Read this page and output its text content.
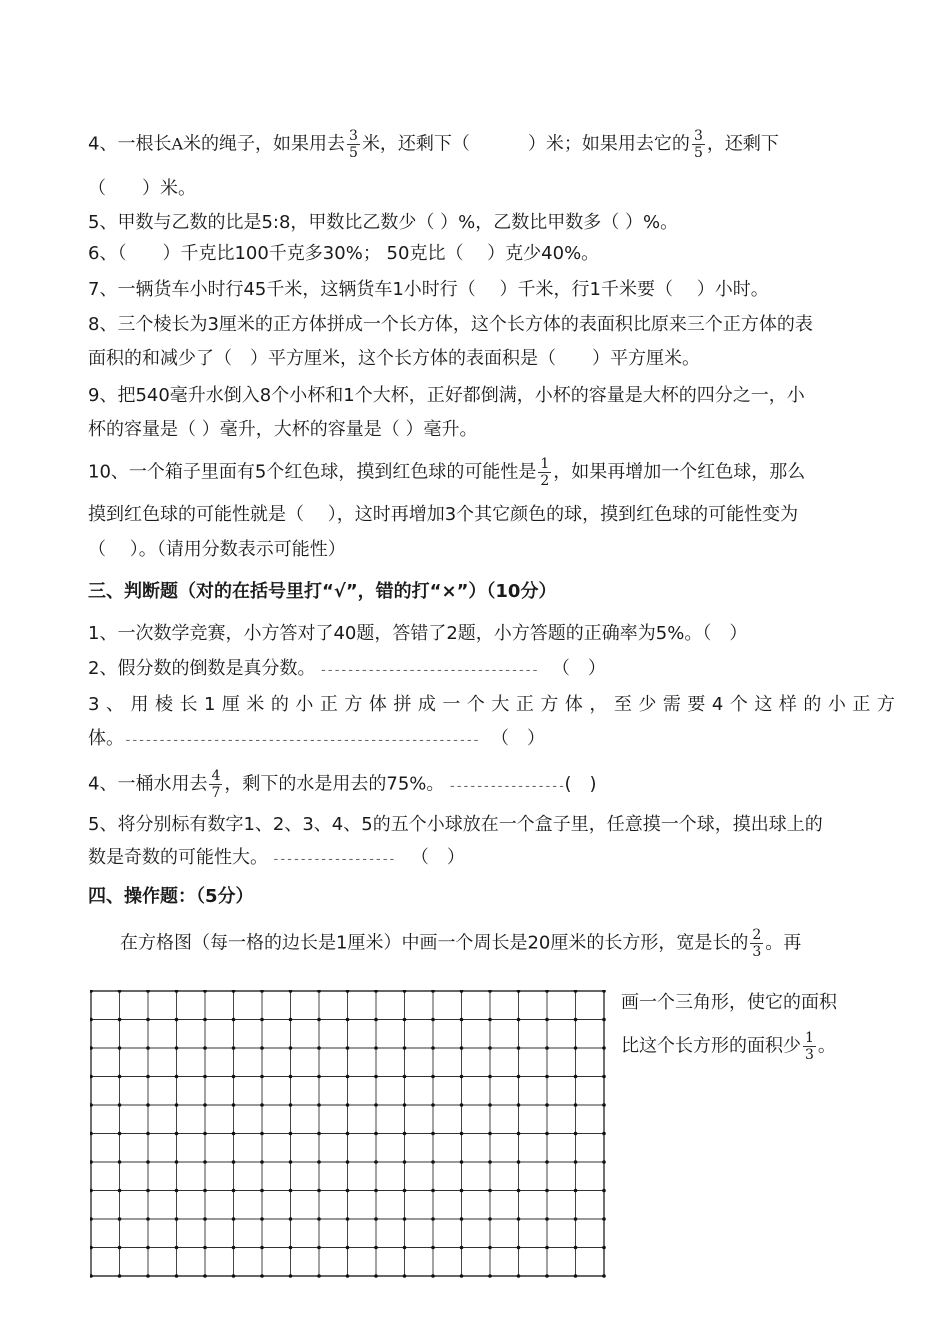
4、一根长A米的绳子，如果用去 $\frac{3}{5}$ 米，还剩下（	）米；如果用去它的 $\frac{3}{5}$ ，还剩下
（　　）米。
5、甲数与乙数的比是5:8，甲数比乙数少（ ）%，乙数比甲数多（ ）%。
6、（　　）千克比100千克多30%； 50克比（　 ）克少40%。
7、一辆货车小时行45千米，这辆货车1小时行（　 ）千米，行1千米要（　 ）小时。
8、三个棱长为3厘米的正方体拼成一个长方体，这个长方体的表面积比原来三个正方体的表
面积的和减少了（　）平方厘米，这个长方体的表面积是（　　）平方厘米。
9、把540毫升水倒入8个小杯和1个大杯，正好都倒满，小杯的容量是大杯的四分之一，小
杯的容量是（ ）毫升，大杯的容量是（ ）毫升。
10、一个箱子里面有5个红色球，摸到红色球的可能性是 $\frac{1}{2}$ ，如果再增加一个红色球，那么
摸到红色球的可能性就是（　 ），这时再增加3个其它颜色的球，摸到红色球的可能性变为
（　 ）。（请用分数表示可能性）
三、判断题（对的在括号里打“√”，错的打“×”）（10分）
1、一次数学竞赛，小方答对了40题，答错了2题，小方答题的正确率为5%。（　）
2、假分数的倒数是真分数。 -------------------------------- （　）
3、用棱长1厘米的小正方体拼成一个大正方体，至少需要4个这样的小正方
体。---------------------------------------------------- （　）
4、一桶水用去 $\frac{4}{7}$ ，剩下的水是用去的75%。 -----------------(　)
5、将分别标有数字1、2、3、4、5的五个小球放在一个盒子里，任意摸一个球，摸出球上的
数是奇数的可能性大。 ------------------ （　）
四、操作题：（5分）
在方格图（每一格的边长是1厘米）中画一个周长是20厘米的长方形，宽是长的 $\frac{2}{3}$ 。再
画一个三角形，使它的面积
比这个长方形的面积少 $\frac{1}{3}$ 。
